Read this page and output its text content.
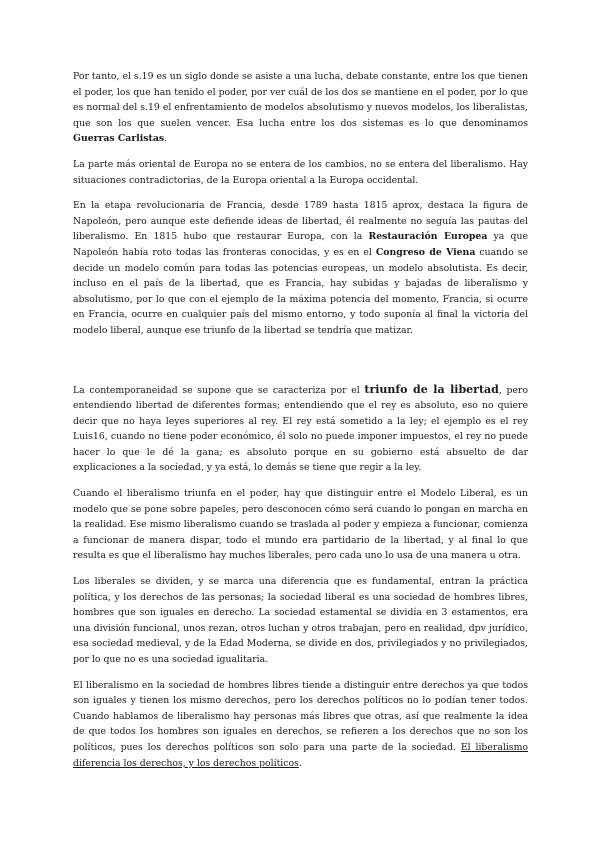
Por tanto, el s.19 es un siglo donde se asiste a una lucha, debate constante, entre los que tienen el poder, los que han tenido el poder, por ver cuál de los dos se mantiene en el poder, por lo que es normal del s.19 el enfrentamiento de modelos absolutismo y nuevos modelos, los liberalistas, que son los que suelen vencer. Esa lucha entre los dos sistemas es lo que denominamos Guerras Carlistas.

La parte más oriental de Europa no se entera de los cambios, no se entera del liberalismo. Hay situaciones contradictorias, de la Europa oriental a la Europa occidental.

En la etapa revolucionaria de Francia, desde 1789 hasta 1815 aprox, destaca la figura de Napoleón, pero aunque este defiende ideas de libertad, él realmente no seguía las pautas del liberalismo. En 1815 hubo que restaurar Europa, con la Restauración Europea ya que Napoleón había roto todas las fronteras conocidas, y es en el Congreso de Viena cuando se decide un modelo común para todas las potencias europeas, un modelo absolutista. Es decir, incluso en el país de la libertad, que es Francia, hay subidas y bajadas de liberalismo y absolutismo, por lo que con el ejemplo de la máxima potencia del momento, Francia, si ocurre en Francia, ocurre en cualquier país del mismo entorno, y todo suponía al final la victoria del modelo liberal, aunque ese triunfo de la libertad se tendría que matizar.

La contemporaneidad se supone que se caracteriza por el triunfo de la libertad, pero entendiendo libertad de diferentes formas; entendiendo que el rey es absoluto, eso no quiere decir que no haya leyes superiores al rey. El rey está sometido a la ley; el ejemplo es el rey Luis16, cuando no tiene poder económico, él solo no puede imponer impuestos, el rey no puede hacer lo que le dé la gana; es absoluto porque en su gobierno está absuelto de dar explicaciones a la sociedad, y ya está, lo demás se tiene que regir a la ley.

Cuando el liberalismo triunfa en el poder, hay que distinguir entre el Modelo Liberal, es un modelo que se pone sobre papeles, pero desconocen cómo será cuando lo pongan en marcha en la realidad. Ese mismo liberalismo cuando se traslada al poder y empieza a funcionar, comienza a funcionar de manera dispar, todo el mundo era partidario de la libertad, y al final lo que resulta es que el liberalismo hay muchos liberales, pero cada uno lo usa de una manera u otra.

Los liberales se dividen, y se marca una diferencia que es fundamental, entran la práctica política, y los derechos de las personas; la sociedad liberal es una sociedad de hombres libres, hombres que son iguales en derecho. La sociedad estamental se dividía en 3 estamentos, era una división funcional, unos rezan, otros luchan y otros trabajan, pero en realidad, dpv jurídico, esa sociedad medieval, y de la Edad Moderna, se divide en dos, privilegiados y no privilegiados, por lo que no es una sociedad igualitaria.

El liberalismo en la sociedad de hombres libres tiende a distinguir entre derechos ya que todos son iguales y tienen los mismo derechos, pero los derechos políticos no lo podían tener todos. Cuando hablamos de liberalismo hay personas más libres que otras, así que realmente la idea de que todos los hombres son iguales en derechos, se refieren a los derechos que no son los políticos, pues los derechos políticos son solo para una parte de la sociedad. El liberalismo diferencia los derechos, y los derechos políticos.
